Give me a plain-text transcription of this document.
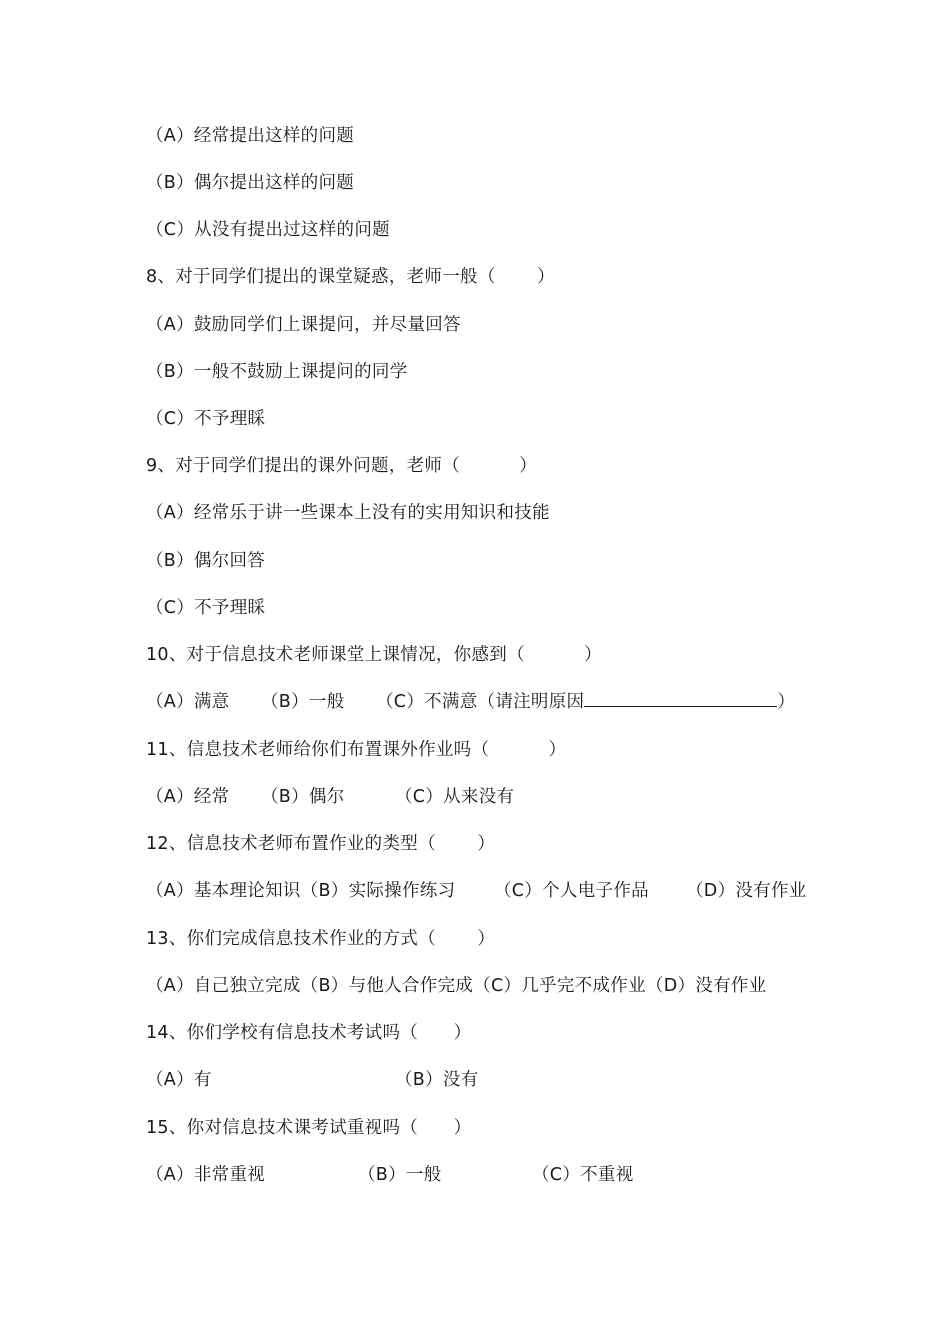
（A）经常提出这样的问题
（B）偶尔提出这样的问题
（C）从没有提出过这样的问题
8、对于同学们提出的课堂疑惑，老师一般（　　 ）
（A）鼓励同学们上课提问，并尽量回答
（B）一般不鼓励上课提问的同学
（C）不予理睬
9、对于同学们提出的课外问题，老师（　　　 ）
（A）经常乐于讲一些课本上没有的实用知识和技能
（B）偶尔回答
（C）不予理睬
10、对于信息技术老师课堂上课情况，你感到（　　　 ）

（A）满意

（B）一般

（C）不满意（请注明原因	）

11、信息技术老师给你们布置课外作业吗（　　　 ）

（A）经常

（B）偶尔

	（C）从来没有

12、信息技术老师布置作业的类型（　　 ）

（A）基本理论知识（B）实际操作练习

（C）个人电子作品

（D）没有作业

13、你们完成信息技术作业的方式（　　 ）
（A）自己独立完成（B）与他人合作完成（C）几乎完不成作业（D）没有作业
14、你们学校有信息技术考试吗（　　）

（A）有

	（B）没有

15、你对信息技术课考试重视吗（　　）

（A）非常重视

	（B）一般

	（C）不重视
